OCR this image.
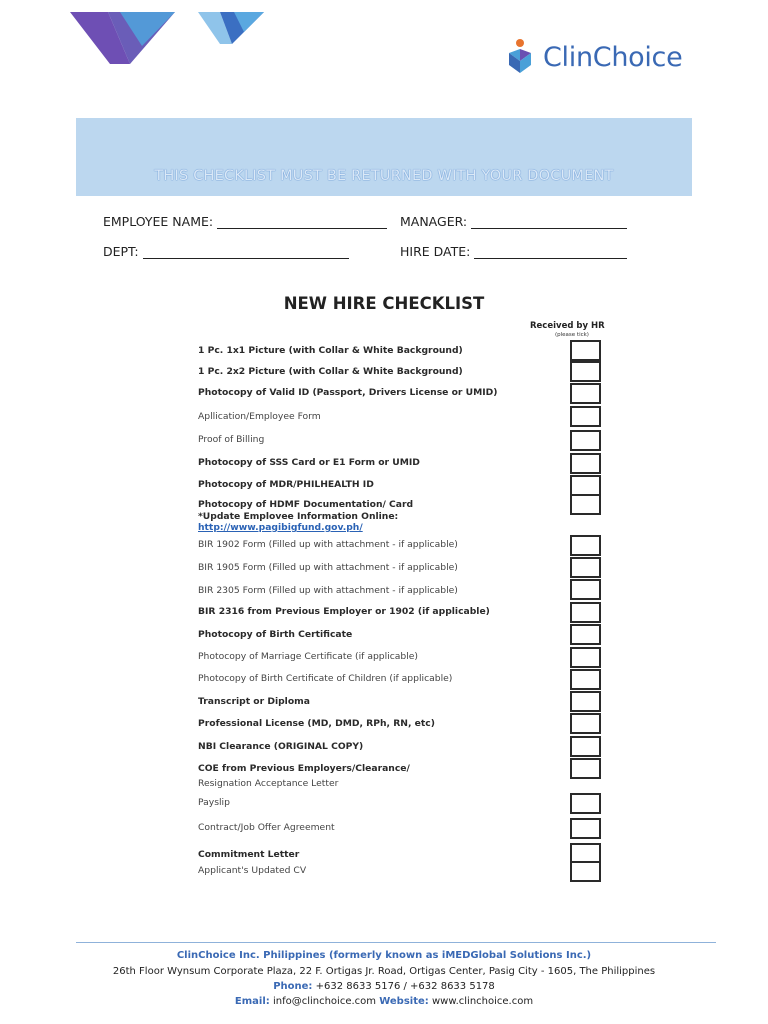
ClinChoice
THIS CHECKLIST MUST BE RETURNED WITH YOUR DOCUMENT
EMPLOYEE NAME:	MANAGER:
DEPT:	HIRE DATE:
NEW HIRE CHECKLIST
Received by HR
(please tick)
1 Pc. 1x1 Picture (with Collar & White Background)
1 Pc. 2x2 Picture (with Collar & White Background)
Photocopy of Valid ID (Passport, Drivers License or UMID)
Apllication/Employee Form
Proof of Billing
Photocopy of SSS Card or E1 Form or UMID
Photocopy of MDR/PHILHEALTH ID
Photocopy of HDMF Documentation/ Card
*Update Emplovee Information Online:
http://www.pagibigfund.gov.ph/
BIR 1902 Form (Filled up with attachment - if applicable)
BIR 1905 Form (Filled up with attachment - if applicable)
BIR 2305 Form (Filled up with attachment - if applicable)
BIR 2316 from Previous Employer or 1902 (if applicable)
Photocopy of Birth Certificate
Photocopy of Marriage Certificate (if applicable)
Photocopy of Birth Certificate of Children (if applicable)
Transcript or Diploma
Professional License (MD, DMD, RPh, RN, etc)
NBI Clearance (ORIGINAL COPY)
COE from Previous Employers/Clearance/
Resignation Acceptance Letter
Payslip
Contract/Job Offer Agreement
Commitment Letter
Applicant's Updated CV
ClinChoice Inc. Philippines (formerly known as iMEDGlobal Solutions Inc.)
26th Floor Wynsum Corporate Plaza, 22 F. Ortigas Jr. Road, Ortigas Center, Pasig City - 1605, The Philippines
Phone: +632 8633 5176 / +632 8633 5178
Email: info@clinchoice.com Website: www.clinchoice.com
